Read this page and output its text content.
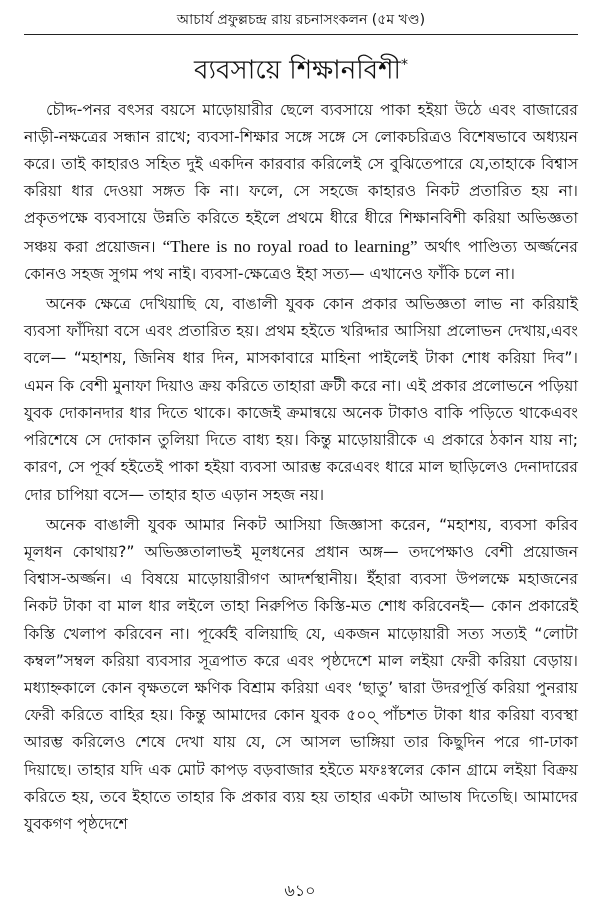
আচার্য প্রফুল্লচন্দ্র রায় রচনাসংকলন (৫ম খণ্ড)
ব্যবসায়ে শিক্ষানবিশী*

চৌদ্দ-পনর বৎসর বয়সে মাড়োয়ারীর ছেলে ব্যবসায়ে পাকা হইয়া উঠে এবং বাজারের নাড়ী-নক্ষত্রের সন্ধান রাখে; ব্যবসা-শিক্ষার সঙ্গে সঙ্গে সে লোকচরিত্রও বিশেষভাবে অধ্যয়ন করে। তাই কাহারও সহিত দুই একদিন কারবার করিলেই সে বুঝিতেপারে যে,তাহাকে বিশ্বাস করিয়া ধার দেওয়া সঙ্গত কি না। ফলে, সে সহজে কাহারও নিকট প্রতারিত হয় না। প্রকৃতপক্ষে ব্যবসায়ে উন্নতি করিতে হইলে প্রথমে ধীরে ধীরে শিক্ষানবিশী করিয়া অভিজ্ঞতা সঞ্চয় করা প্রয়োজন। “There is no royal road to learning” অর্থাৎ পাণ্ডিত্য অর্জ্জনের কোনও সহজ সুগম পথ নাই। ব্যবসা-ক্ষেত্রেও ইহা সত্য— এখানেও ফাঁকি চলে না।

অনেক ক্ষেত্রে দেখিয়াছি যে, বাঙালী যুবক কোন প্রকার অভিজ্ঞতা লাভ না করিয়াই ব্যবসা ফাঁদিয়া বসে এবং প্রতারিত হয়। প্রথম হইতে খরিদ্দার আসিয়া প্রলোভন দেখায়,এবং বলে— “মহাশয়, জিনিষ ধার দিন, মাসকাবারে মাহিনা পাইলেই টাকা শোধ করিয়া দিব”। এমন কি বেশী মুনাফা দিয়াও ক্রয় করিতে তাহারা ক্রটী করে না। এই প্রকার প্রলোভনে পড়িয়া যুবক দোকানদার ধার দিতে থাকে। কাজেই ক্রমান্বয়ে অনেক টাকাও বাকি পড়িতে থাকেএবং পরিশেষে সে দোকান তুলিয়া দিতে বাধ্য হয়। কিন্তু মাড়োয়ারীকে এ প্রকারে ঠকান যায় না; কারণ, সে পূর্ব্ব হইতেই পাকা হইয়া ব্যবসা আরম্ভ করেএবং ধারে মাল ছাড়িলেও দেনাদারের দোর চাপিয়া বসে— তাহার হাত এড়ান সহজ নয়।

অনেক বাঙালী যুবক আমার নিকট আসিয়া জিজ্ঞাসা করেন, “মহাশয়, ব্যবসা করিব মূলধন কোথায়?” অভিজ্ঞতালাভই মূলধনের প্রধান অঙ্গ— তদপেক্ষাও বেশী প্রয়োজন বিশ্বাস-অর্জ্জন। এ বিষয়ে মাড়োয়ারীগণ আদর্শস্থানীয়। ইঁহারা ব্যবসা উপলক্ষে মহাজনের নিকট টাকা বা মাল ধার লইলে তাহা নিরুপিত কিস্তি-মত শোধ করিবেনই— কোন প্রকারেই কিস্তি খেলাপ করিবেন না। পূর্ব্বেই বলিয়াছি যে, একজন মাড়োয়ারী সত্য সত্যই “লোটা কম্বল”সম্বল করিয়া ব্যবসার সূত্রপাত করে এবং পৃষ্ঠদেশে মাল লইয়া ফেরী করিয়া বেড়ায়। মধ্যাহ্নকালে কোন বৃক্ষতলে ক্ষণিক বিশ্রাম করিয়া এবং ‘ছাতু’ দ্বারা উদরপূর্ত্তি করিয়া পুনরায় ফেরী করিতে বাহির হয়। কিন্তু আমাদের কোন যুবক ৫০০্ পাঁচশত টাকা ধার করিয়া ব্যবস্থা আরম্ভ করিলেও শেষে দেখা যায় যে, সে আসল ভাঙ্গিয়া তার কিছুদিন পরে গা-ঢাকা দিয়াছে। তাহার যদি এক মোট কাপড় বড়বাজার হইতে মফঃস্বলের কোন গ্রামে লইয়া বিক্রয় করিতে হয়, তবে ইহাতে তাহার কি প্রকার ব্যয় হয় তাহার একটা আভাষ দিতেছি। আমাদের যুবকগণ পৃষ্ঠদেশে

৬১০
